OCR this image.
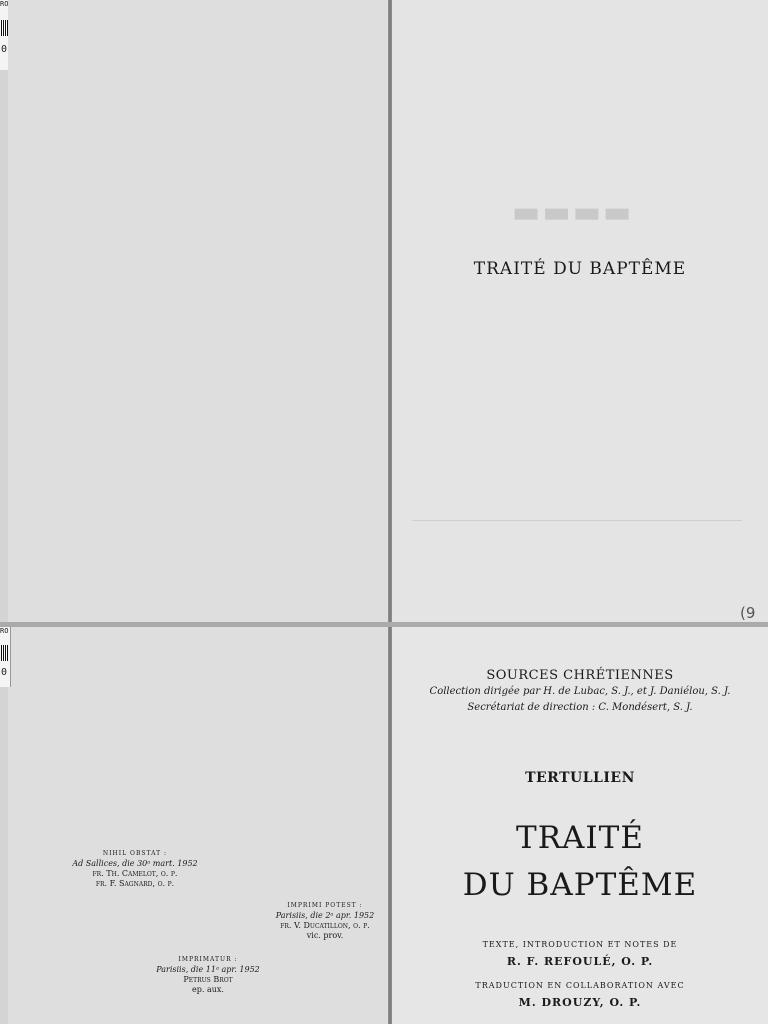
RO
0
RO
0
▬▬▬▬
TRAITÉ DU BAPTÊME
(9
NIHIL OBSTAT :
Ad Sallices, die 30ᵃ mart. 1952
fr. Th. Camelot, o. p.
fr. F. Sagnard, o. p.
IMPRIMI POTEST :
Parisiis, die 2ᵃ apr. 1952
fr. V. Ducatillon, o. p.
vic. prov.
IMPRIMATUR :
Parisiis, die 11ᵃ apr. 1952
Petrus Brot
ep. aux.
SOURCES CHRÉTIENNES
Collection dirigée par H. de Lubac, S. J., et J. Daniélou, S. J.
Secrétariat de direction : C. Mondésert, S. J.
TERTULLIEN
TRAITÉ
DU BAPTÊME
TEXTE, INTRODUCTION ET NOTES DE
R. F. REFOULÉ, O. P.
TRADUCTION EN COLLABORATION AVEC
M. DROUZY, O. P.
